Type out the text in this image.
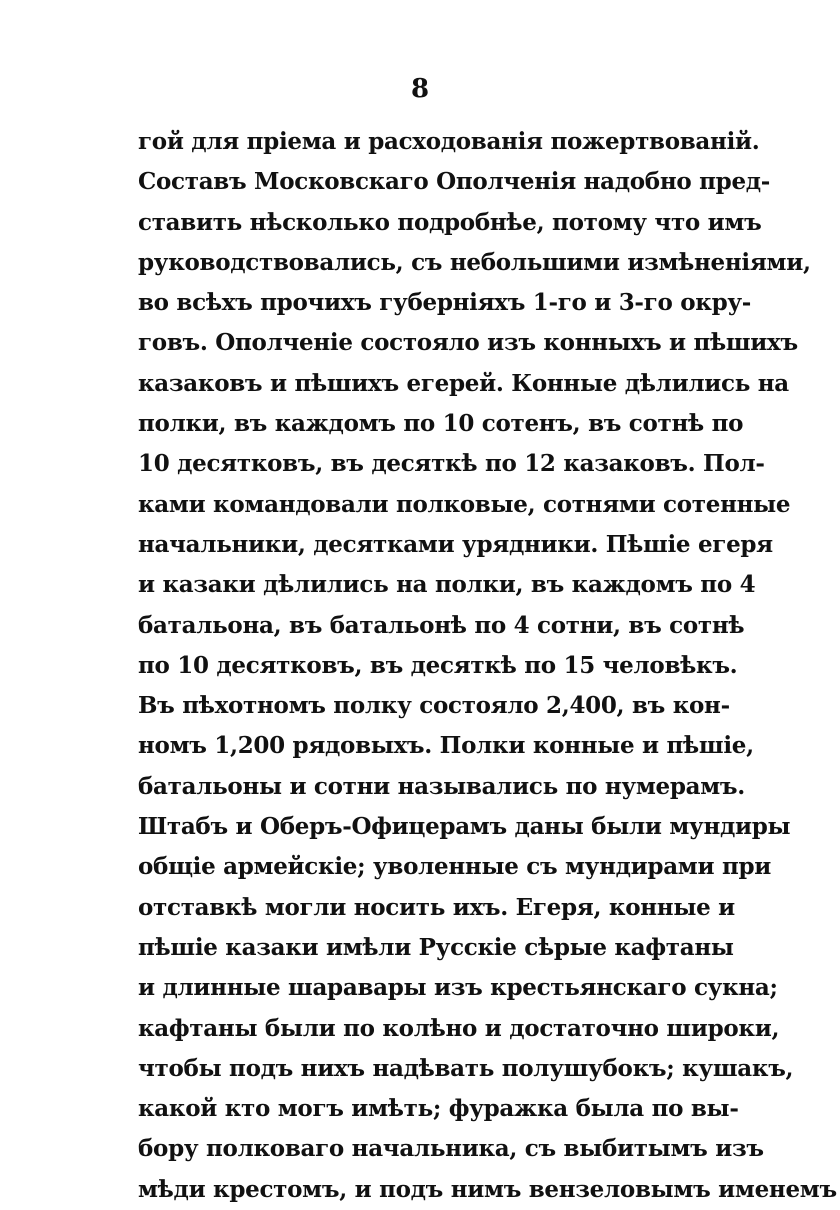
8
гой для пріема и расходованія пожертвованій.
Составъ Московскаго Ополченія надобно пред-
ставить нѣсколько подробнѣе, потому что имъ
руководствовались, съ небольшими измѣненіями,
во всѣхъ прочихъ губерніяхъ 1-го и 3-го окру-
говъ. Ополченіе состояло изъ конныхъ и пѣшихъ
казаковъ и пѣшихъ егерей. Конные дѣлились на
полки, въ каждомъ по 10 сотенъ, въ сотнѣ по
10 десятковъ, въ десяткѣ по 12 казаковъ. Пол-
ками командовали полковые, сотнями сотенные
начальники, десятками урядники. Пѣшіе егеря
и казаки дѣлились на полки, въ каждомъ по 4
батальона, въ батальонѣ по 4 сотни, въ сотнѣ
по 10 десятковъ, въ десяткѣ по 15 человѣкъ.
Въ пѣхотномъ полку состояло 2,400, въ кон-
номъ 1,200 рядовыхъ. Полки конные и пѣшіе,
батальоны и сотни назывались по нумерамъ.
Штабъ и Оберъ-Офицерамъ даны были мундиры
общіе армейскіе; уволенные съ мундирами при
отставкѣ могли носить ихъ. Егеря, конные и
пѣшіе казаки имѣли Русскіе сѣрые кафтаны
и длинные шаравары изъ крестьянскаго сукна;
кафтаны были по колѣно и достаточно широки,
чтобы подъ нихъ надѣвать полушубокъ; кушакъ,
какой кто могъ имѣть; фуражка была по вы-
бору полковаго начальника, съ выбитымъ изъ
мѣди крестомъ, и подъ нимъ вензеловымъ именемъ
